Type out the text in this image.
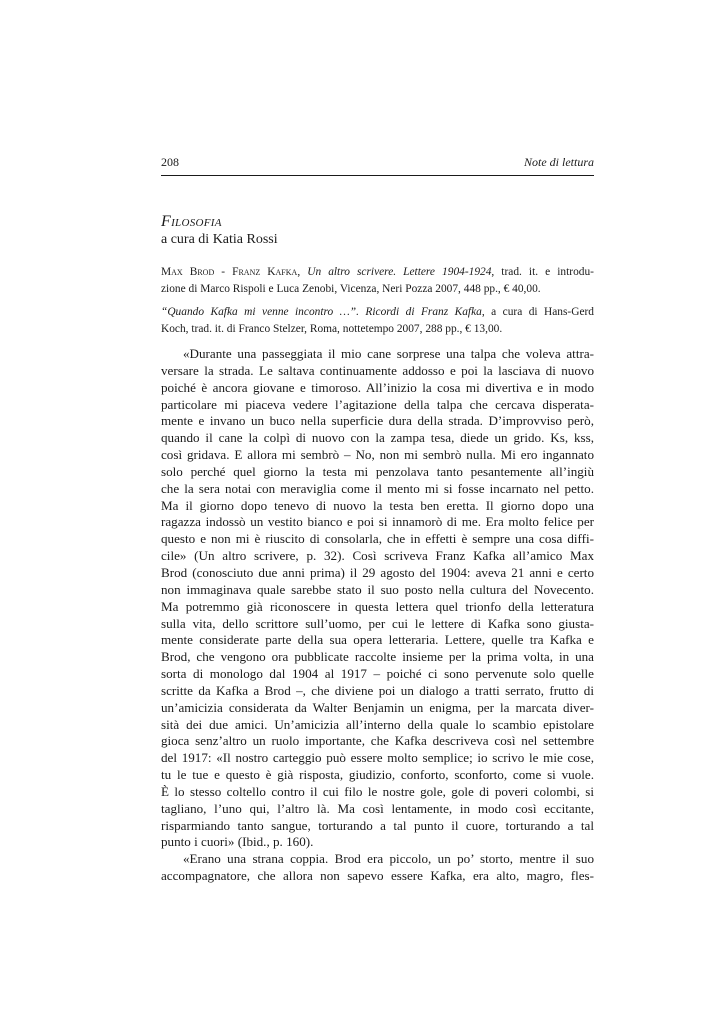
208	Note di lettura
Filosofia
a cura di Katia Rossi
Max Brod - Franz Kafka, Un altro scrivere. Lettere 1904-1924, trad. it. e introdu-
zione di Marco Rispoli e Luca Zenobi, Vicenza, Neri Pozza 2007, 448 pp., € 40,00.
“Quando Kafka mi venne incontro …”. Ricordi di Franz Kafka, a cura di Hans-Gerd
Koch, trad. it. di Franco Stelzer, Roma, nottetempo 2007, 288 pp., € 13,00.
«Durante una passeggiata il mio cane sorprese una talpa che voleva attra-
versare la strada. Le saltava continuamente addosso e poi la lasciava di nuovo
poiché è ancora giovane e timoroso. All’inizio la cosa mi divertiva e in modo
particolare mi piaceva vedere l’agitazione della talpa che cercava disperata-
mente e invano un buco nella superficie dura della strada. D’improvviso però,
quando il cane la colpì di nuovo con la zampa tesa, diede un grido. Ks, kss,
così gridava. E allora mi sembrò – No, non mi sembrò nulla. Mi ero ingannato
solo perché quel giorno la testa mi penzolava tanto pesantemente all’ingiù
che la sera notai con meraviglia come il mento mi si fosse incarnato nel petto.
Ma il giorno dopo tenevo di nuovo la testa ben eretta. Il giorno dopo una
ragazza indossò un vestito bianco e poi si innamorò di me. Era molto felice per
questo e non mi è riuscito di consolarla, che in effetti è sempre una cosa diffi-
cile» (Un altro scrivere, p. 32). Così scriveva Franz Kafka all’amico Max
Brod (conosciuto due anni prima) il 29 agosto del 1904: aveva 21 anni e certo
non immaginava quale sarebbe stato il suo posto nella cultura del Novecento.
Ma potremmo già riconoscere in questa lettera quel trionfo della letteratura
sulla vita, dello scrittore sull’uomo, per cui le lettere di Kafka sono giusta-
mente considerate parte della sua opera letteraria. Lettere, quelle tra Kafka e
Brod, che vengono ora pubblicate raccolte insieme per la prima volta, in una
sorta di monologo dal 1904 al 1917 – poiché ci sono pervenute solo quelle
scritte da Kafka a Brod –, che diviene poi un dialogo a tratti serrato, frutto di
un’amicizia considerata da Walter Benjamin un enigma, per la marcata diver-
sità dei due amici. Un’amicizia all’interno della quale lo scambio epistolare
gioca senz’altro un ruolo importante, che Kafka descriveva così nel settembre
del 1917: «Il nostro carteggio può essere molto semplice; io scrivo le mie cose,
tu le tue e questo è già risposta, giudizio, conforto, sconforto, come si vuole.
È lo stesso coltello contro il cui filo le nostre gole, gole di poveri colombi, si
tagliano, l’uno qui, l’altro là. Ma così lentamente, in modo così eccitante,
risparmiando tanto sangue, torturando a tal punto il cuore, torturando a tal
punto i cuori» (Ibid., p. 160).
«Erano una strana coppia. Brod era piccolo, un po’ storto, mentre il suo
accompagnatore, che allora non sapevo essere Kafka, era alto, magro, fles-
